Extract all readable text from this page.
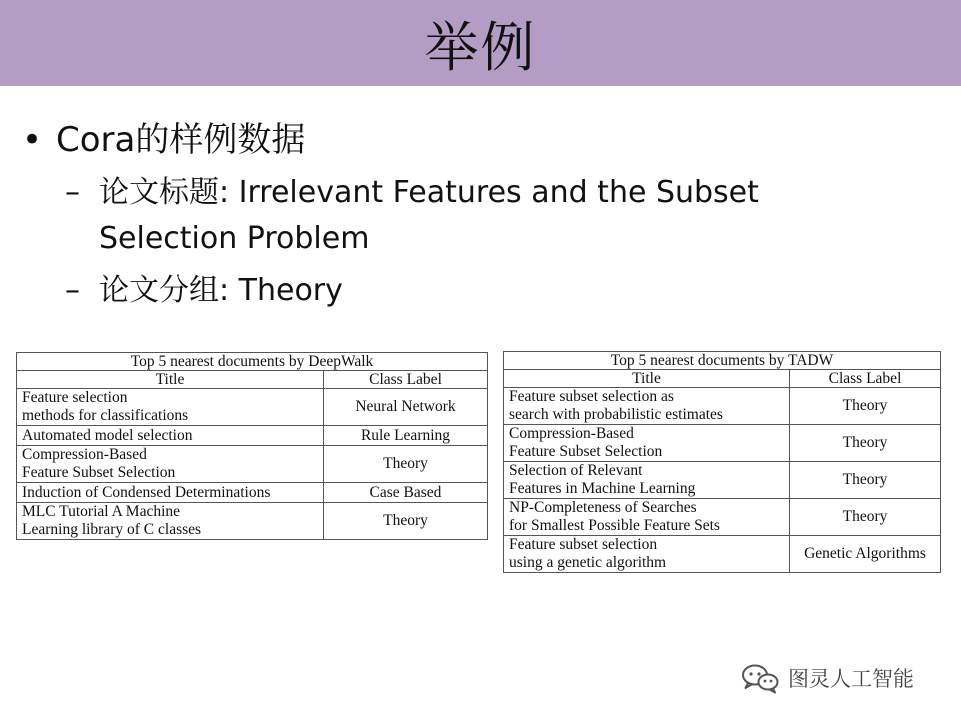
举例
• Cora的样例数据
– 论文标题: Irrelevant Features and the Subset
Selection Problem
– 论文分组: Theory
Top 5 nearest documents by DeepWalk	
Title	Class Label

Feature selection
methods for classifications	Neural Network

Automated model selection	Rule Learning

Compression-Based
Feature Subset Selection	Theory

Induction of Condensed Determinations	Case Based

MLC Tutorial A Machine
Learning library of C classes	Theory
Top 5 nearest documents by TADW	
Title	Class Label

Feature subset selection as
search with probabilistic estimates	Theory

Compression-Based
Feature Subset Selection	Theory

Selection of Relevant
Features in Machine Learning	Theory

NP-Completeness of Searches
for Smallest Possible Feature Sets	Theory

Feature subset selection
using a genetic algorithm	Genetic Algorithms
图灵人工智能
